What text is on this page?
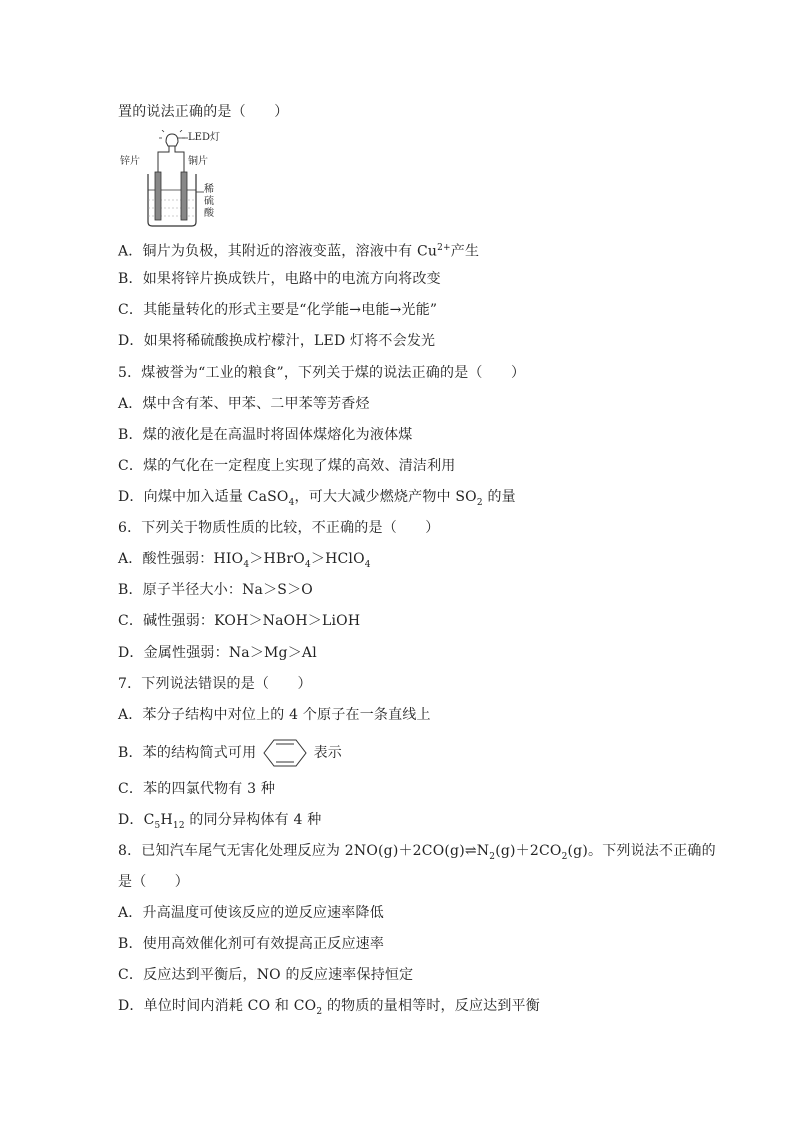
置的说法正确的是（　　）
LED灯
锌片	铜片
稀
硫
酸
A．铜片为负极，其附近的溶液变蓝，溶液中有 $Cu^{2+}$产生
B．如果将锌片换成铁片，电路中的电流方向将改变
C．其能量转化的形式主要是“化学能→电能→光能”
D．如果将稀硫酸换成柠檬汁，LED 灯将不会发光
5．煤被誉为“工业的粮食”，下列关于煤的说法正确的是（　　）
A．煤中含有苯、甲苯、二甲苯等芳香烃
B．煤的液化是在高温时将固体煤熔化为液体煤
C．煤的气化在一定程度上实现了煤的高效、清洁利用
D．向煤中加入适量 CaSO$_4$，可大大减少燃烧产物中 $SO_2$ 的量
6．下列关于物质性质的比较，不正确的是（　　）
A．酸性强弱：$HIO_4>HBrO_4>HClO_4$
B．原子半径大小：Na＞S＞O
C．碱性强弱：KOH＞NaOH＞LiOH
D．金属性强弱：Na＞Mg＞Al
7．下列说法错误的是（　　）
A．苯分子结构中对位上的 4 个原子在一条直线上
B．苯的结构简式可用	表示
C．苯的四氯代物有 3 种
D．$C_5H_{12}$ 的同分异构体有 4 种
8．已知汽车尾气无害化处理反应为 $2NO(g)+2CO(g)\rightleftharpoons N_2(g)+2CO_2(g)$。下列说法不正确的
是（　　）
A．升高温度可使该反应的逆反应速率降低
B．使用高效催化剂可有效提高正反应速率
C．反应达到平衡后，NO 的反应速率保持恒定
D．单位时间内消耗 CO 和 $CO_2$ 的物质的量相等时，反应达到平衡
